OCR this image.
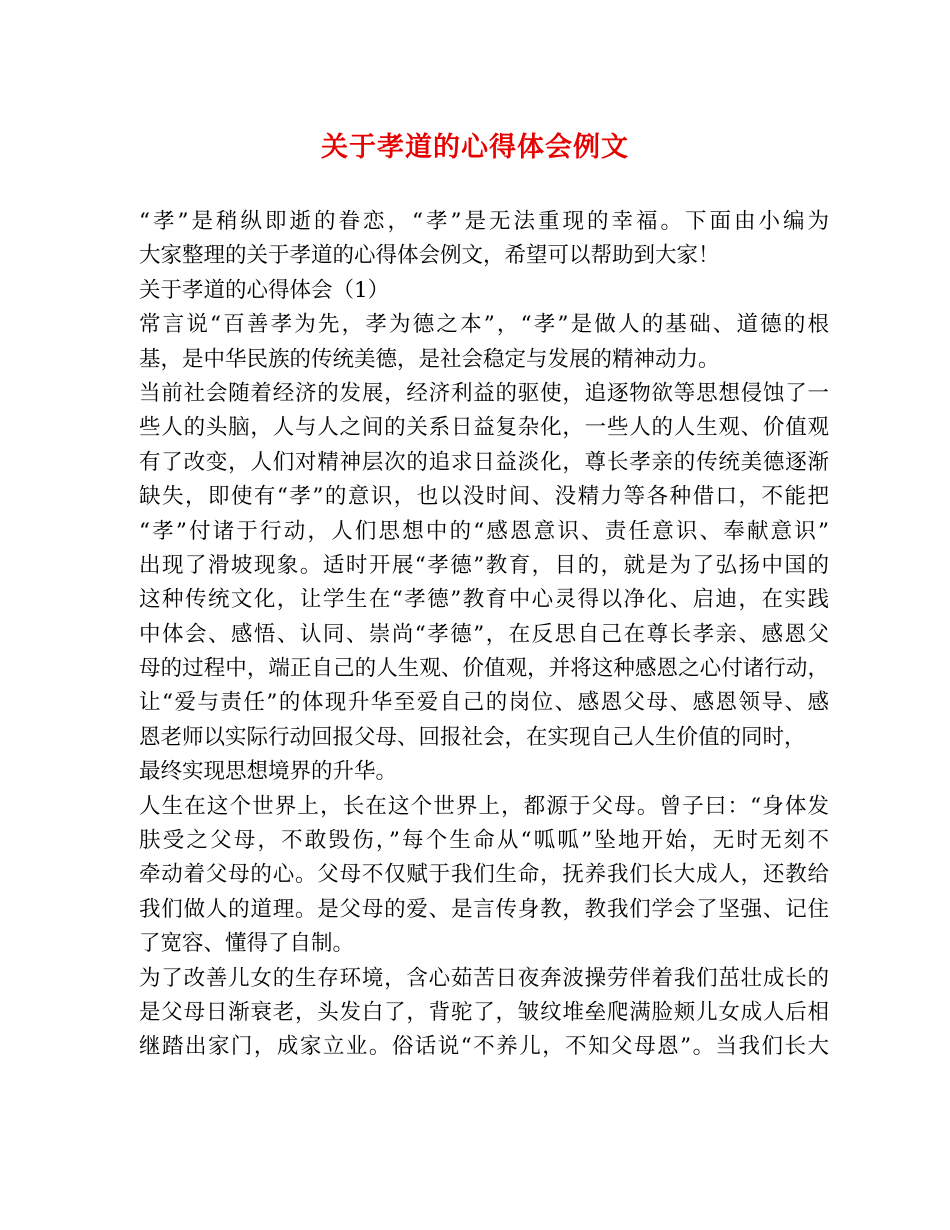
关于孝道的心得体会例文
“孝”是稍纵即逝的眷恋，“孝”是无法重现的幸福。下面由小编为
大家整理的关于孝道的心得体会例文，希望可以帮助到大家！
关于孝道的心得体会（1）
常言说“百善孝为先，孝为德之本”，“孝”是做人的基础、道德的根
基，是中华民族的传统美德，是社会稳定与发展的精神动力。
当前社会随着经济的发展，经济利益的驱使，追逐物欲等思想侵蚀了一
些人的头脑，人与人之间的关系日益复杂化，一些人的人生观、价值观
有了改变，人们对精神层次的追求日益淡化，尊长孝亲的传统美德逐渐
缺失，即使有“孝”的意识，也以没时间、没精力等各种借口，不能把
“孝”付诸于行动，人们思想中的“感恩意识、责任意识、奉献意识”
出现了滑坡现象。适时开展“孝德”教育，目的，就是为了弘扬中国的
这种传统文化，让学生在“孝德”教育中心灵得以净化、启迪，在实践
中体会、感悟、认同、崇尚“孝德”，在反思自己在尊长孝亲、感恩父
母的过程中，端正自己的人生观、价值观，并将这种感恩之心付诸行动，
让“爱与责任”的体现升华至爱自己的岗位、感恩父母、感恩领导、感
恩老师以实际行动回报父母、回报社会，在实现自己人生价值的同时，
最终实现思想境界的升华。
人生在这个世界上，长在这个世界上，都源于父母。曾子曰：“身体发
肤受之父母，不敢毁伤，”每个生命从“呱呱”坠地开始，无时无刻不
牵动着父母的心。父母不仅赋于我们生命，抚养我们长大成人，还教给
我们做人的道理。是父母的爱、是言传身教，教我们学会了坚强、记住
了宽容、懂得了自制。
为了改善儿女的生存环境，含心茹苦日夜奔波操劳伴着我们茁壮成长的
是父母日渐衰老，头发白了，背驼了，皱纹堆垒爬满脸颊儿女成人后相
继踏出家门，成家立业。俗话说“不养儿，不知父母恩”。当我们长大
